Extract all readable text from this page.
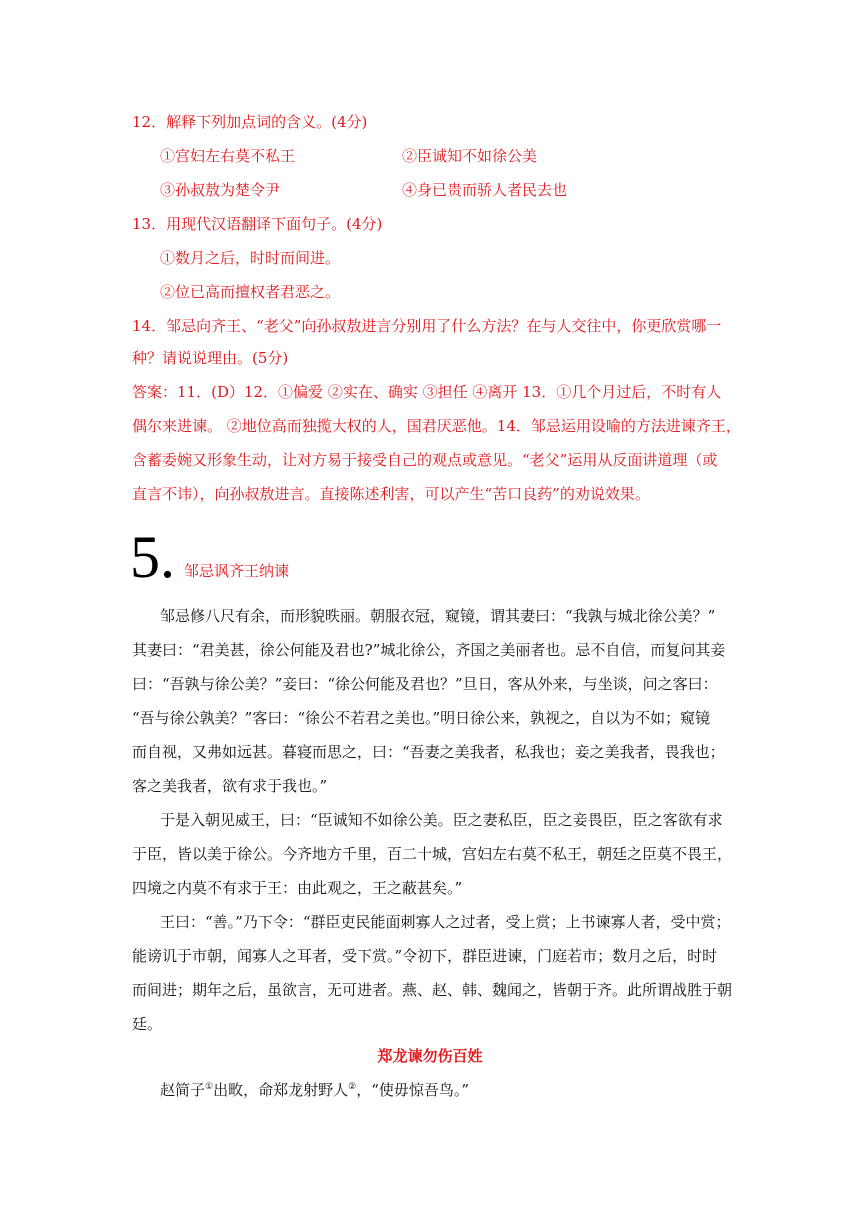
12．解释下列加点词的含义。(4分)
①宫妇左右莫不私王	②臣诚知不如徐公美
③孙叔敖为楚令尹	④身已贵而骄人者民去也
13．用现代汉语翻译下面句子。(4分)
①数月之后，时时而间进。
②位已高而擅权者君恶之。
14．邹忌向齐王、“老父”向孙叔敖进言分别用了什么方法？在与人交往中，你更欣赏哪一
种？请说说理由。(5分)
答案：11．(D）12．①偏爱 ②实在、确实 ③担任 ④离开 13．①几个月过后，不时有人
偶尔来进谏。 ②地位高而独揽大权的人，国君厌恶他。14．邹忌运用设喻的方法进谏齐王，
含蓄委婉又形象生动，让对方易于接受自己的观点或意见。“老父”运用从反面讲道理（或
直言不讳），向孙叔敖进言。直接陈述利害，可以产生“苦口良药”的劝说效果。
5. 邹忌讽齐王纳谏
邹忌修八尺有余，而形貌昳丽。朝服衣冠，窥镜，谓其妻曰：“我孰与城北徐公美？”
其妻曰：“君美甚，徐公何能及君也?”城北徐公，齐国之美丽者也。忌不自信，而复问其妾
曰：“吾孰与徐公美？”妾曰：“徐公何能及君也？”旦日，客从外来，与坐谈，问之客曰：
“吾与徐公孰美？”客曰：“徐公不若君之美也。”明日徐公来，孰视之，自以为不如；窥镜
而自视，又弗如远甚。暮寝而思之，曰：“吾妻之美我者，私我也；妾之美我者，畏我也；
客之美我者，欲有求于我也。”
于是入朝见威王，曰：“臣诚知不如徐公美。臣之妻私臣，臣之妾畏臣，臣之客欲有求
于臣，皆以美于徐公。今齐地方千里，百二十城，宫妇左右莫不私王，朝廷之臣莫不畏王，
四境之内莫不有求于王：由此观之，王之蔽甚矣。”
王曰：“善。”乃下令：“群臣吏民能面刺寡人之过者，受上赏；上书谏寡人者，受中赏；
能谤讥于市朝，闻寡人之耳者，受下赏。”令初下，群臣进谏，门庭若市；数月之后，时时
而间进；期年之后，虽欲言，无可进者。燕、赵、韩、魏闻之，皆朝于齐。此所谓战胜于朝
廷。
郑龙谏勿伤百姓
赵简子①出畋，命郑龙射野人②，“使毋惊吾鸟。”
